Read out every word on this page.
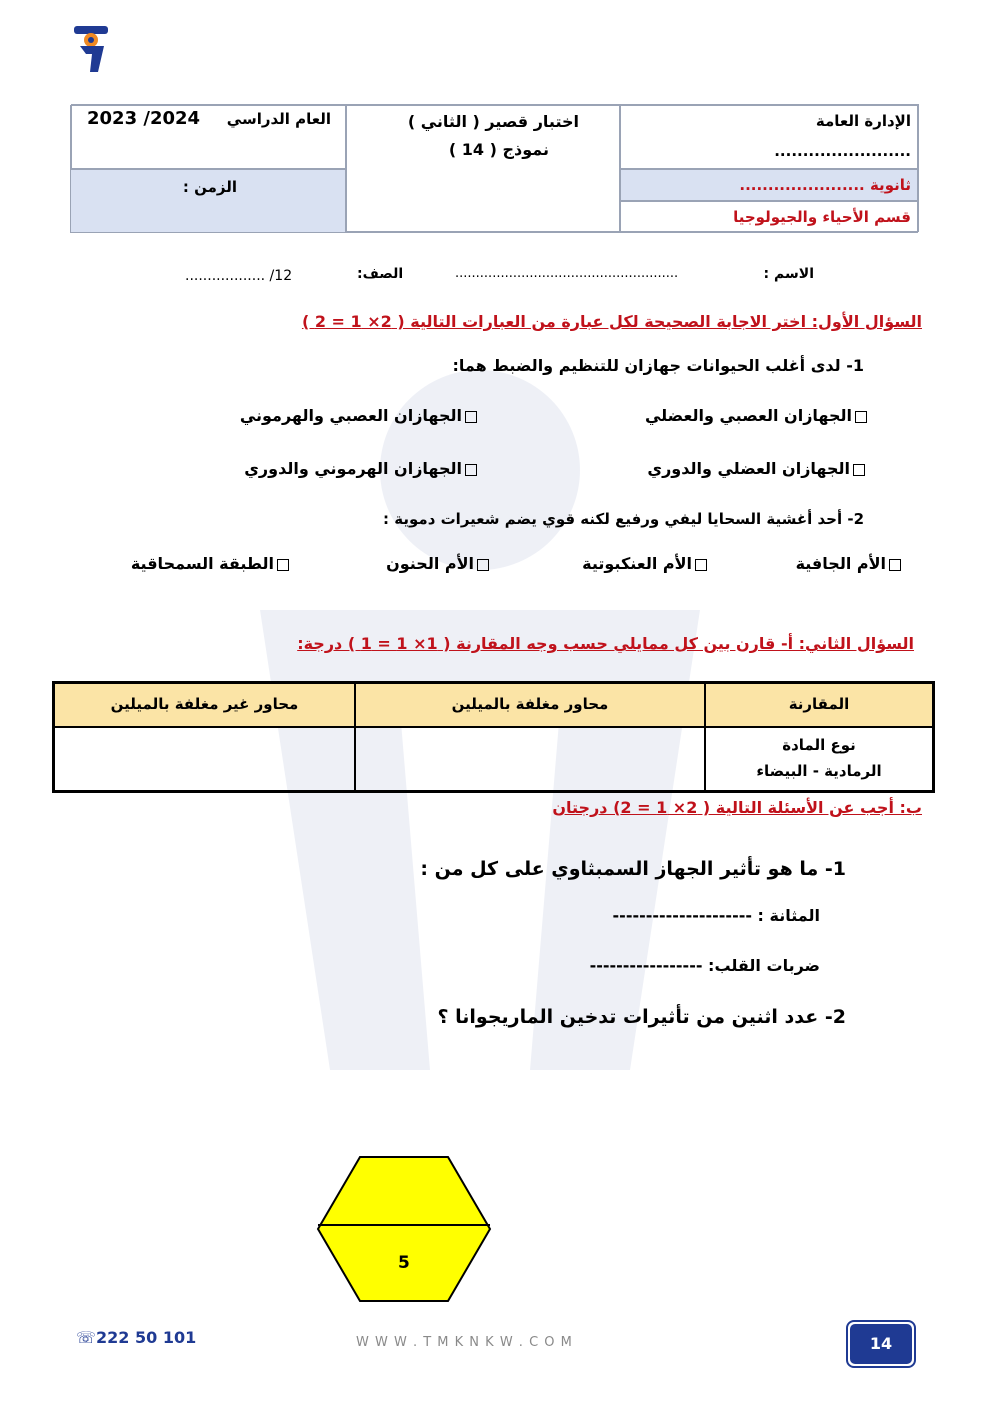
الإدارة العامة
........................
ثانوية ......................
قسم الأحياء والجيولوجيا
اختبار قصير ( الثاني )
نموذج ( 14 )
العام الدراسي
2023 /2024
الزمن :
الاسم :
......................................................
الصف:
12/ ..................
السؤال الأول: اختر الاجابة الصحيحة لكل عبارة من العبارات التالية ( 2× 1 = 2 )
1- لدى أغلب الحيوانات جهازان للتنظيم والضبط هما:
الجهازان العصبي والعضلي
الجهازان العصبي والهرموني
الجهازان العضلي والدوري
الجهازان الهرموني والدوري
2- أحد أغشية السحايا ليفي ورفيع لكنه قوي يضم شعيرات دموية :
الأم الجافية
الأم العنكبوتية
الأم الحنون
الطبقة السمحاقية
السؤال الثاني: أ- قارن بين كل ممايلي حسب وجه المقارنة ( 1× 1 = 1 ) درجة:
المقارنة
محاور مغلفة بالميلين
محاور غير مغلفة بالميلين
نوع المادة
الرمادية - البيضاء
ب: أجب عن الأسئلة التالية ( 2× 1 = 2) درجتان
1- ما هو تأثير الجهاز السمبثاوي على كل من :
المثانة : ---------------------
ضربات القلب: -----------------
2- عدد اثنين من تأثيرات تدخين الماريجوانا ؟
5
☏222 50 101	W W W . T M K N K W . C O M	14
